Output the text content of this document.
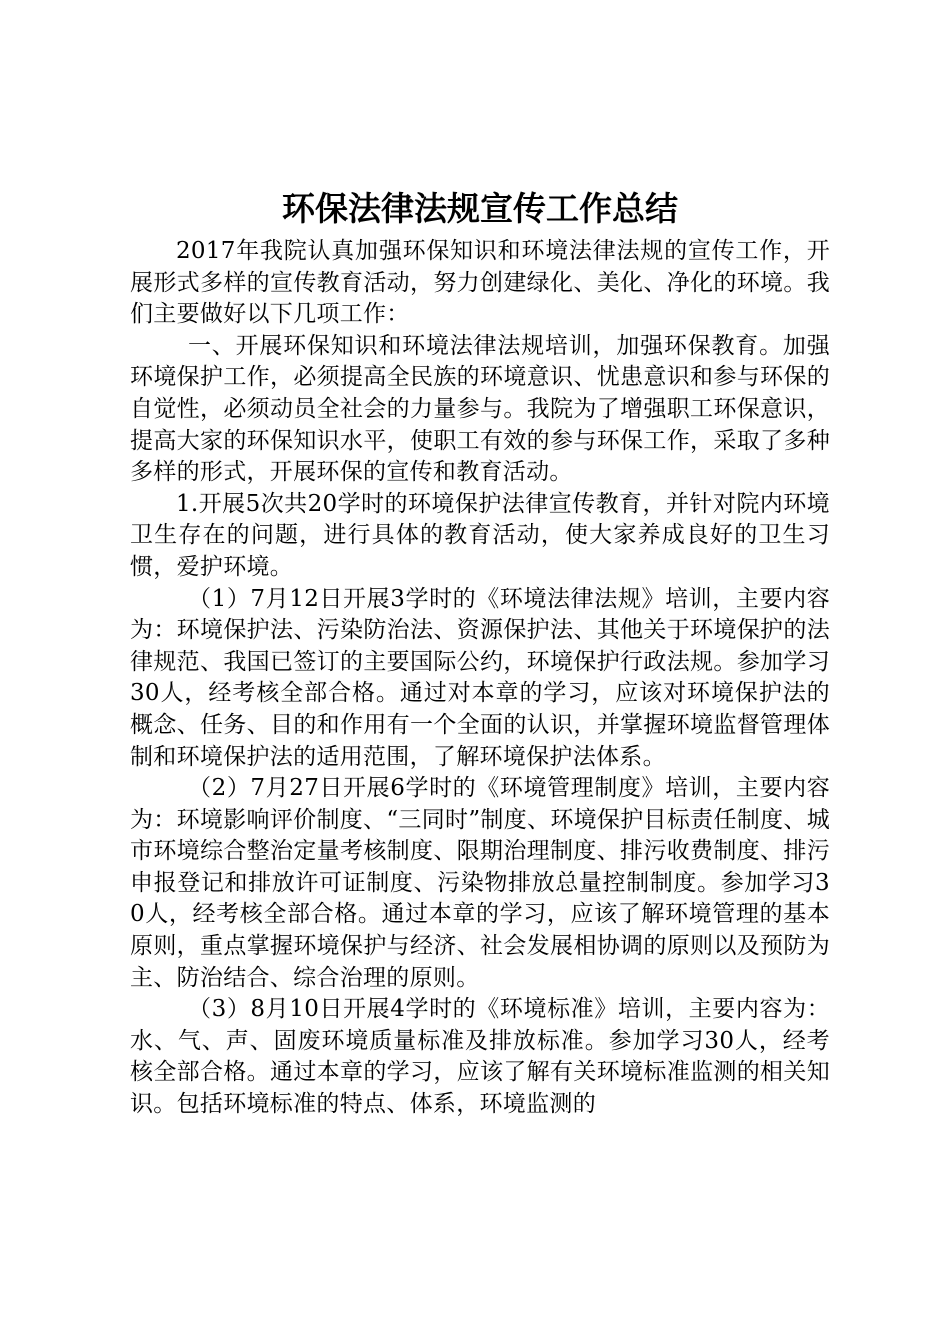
环保法律法规宣传工作总结

2017年我院认真加强环保知识和环境法律法规的宣传工作，开展形式多样的宣传教育活动，努力创建绿化、美化、净化的环境。我们主要做好以下几项工作：

一、开展环保知识和环境法律法规培训，加强环保教育。加强环境保护工作，必须提高全民族的环境意识、忧患意识和参与环保的自觉性，必须动员全社会的力量参与。我院为了增强职工环保意识，提高大家的环保知识水平，使职工有效的参与环保工作，采取了多种多样的形式，开展环保的宣传和教育活动。

1.开展5次共20学时的环境保护法律宣传教育，并针对院内环境卫生存在的问题，进行具体的教育活动，使大家养成良好的卫生习惯，爱护环境。

（1）7月12日开展3学时的《环境法律法规》培训，主要内容为：环境保护法、污染防治法、资源保护法、其他关于环境保护的法律规范、我国已签订的主要国际公约，环境保护行政法规。参加学习30人，经考核全部合格。通过对本章的学习，应该对环境保护法的概念、任务、目的和作用有一个全面的认识，并掌握环境监督管理体制和环境保护法的适用范围，了解环境保护法体系。

（2）7月27日开展6学时的《环境管理制度》培训，主要内容为：环境影响评价制度、“三同时”制度、环境保护目标责任制度、城市环境综合整治定量考核制度、限期治理制度、排污收费制度、排污申报登记和排放许可证制度、污染物排放总量控制制度。参加学习30人，经考核全部合格。通过本章的学习，应该了解环境管理的基本原则，重点掌握环境保护与经济、社会发展相协调的原则以及预防为主、防治结合、综合治理的原则。

（3）8月10日开展4学时的《环境标准》培训，主要内容为：水、气、声、固废环境质量标准及排放标准。参加学习30人，经考核全部合格。通过本章的学习，应该了解有关环境标准监测的相关知识。包括环境标准的特点、体系，环境监测的
